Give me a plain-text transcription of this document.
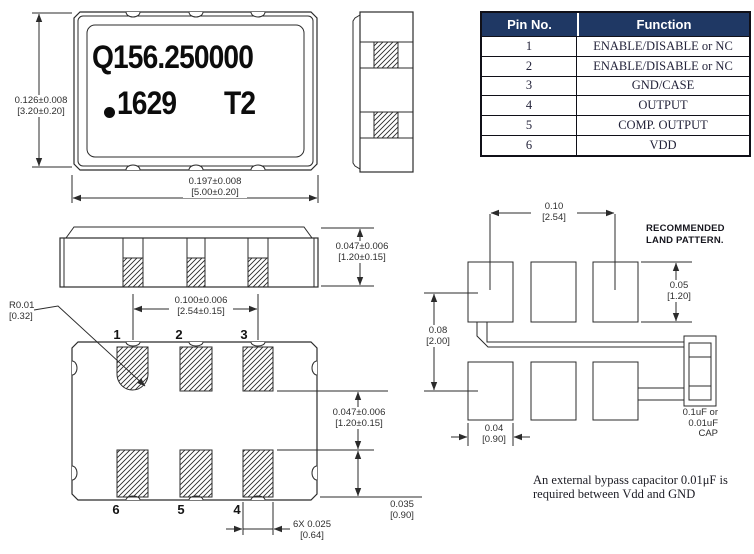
Q156.250000
1629 T2
Pin No.	Function
1	ENABLE/DISABLE or NC
2	ENABLE/DISABLE or NC
3	GND/CASE
4	OUTPUT
5	COMP. OUTPUT
6	VDD
0.126±0.008
[3.20±0.20]
0.197±0.008
[5.00±0.20]
0.047±0.006
[1.20±0.15]
0.100±0.006
[2.54±0.15]
0.047±0.006
[1.20±0.15]
0.035
[0.90]
6X 0.025
[0.64]
R0.01
[0.32]
0.10
[2.54]
0.08
[2.00]
0.05
[1.20]
0.04
[0.90]
1	2	3
6	5	4
RECOMMENDED
LAND PATTERN.
0.1uF or
0.01uF
CAP
An external bypass capacitor 0.01μF is
required between Vdd and GND
